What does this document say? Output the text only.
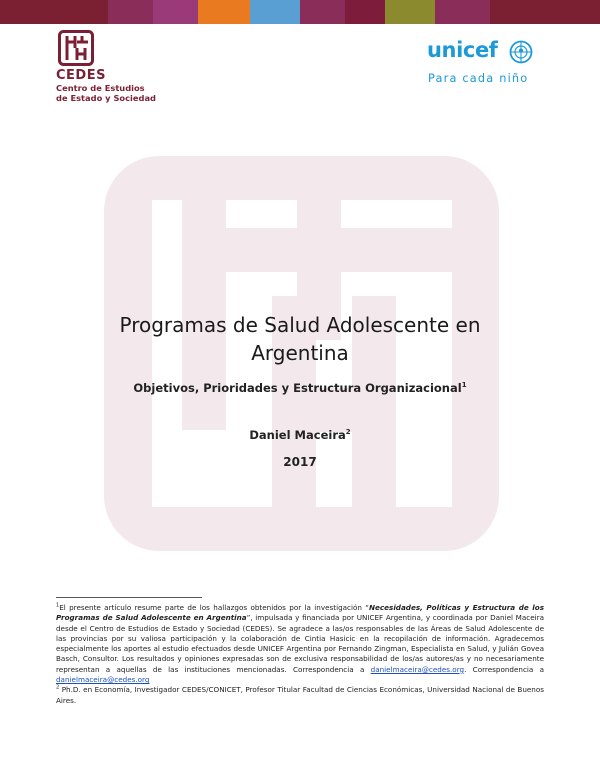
CEDES
Centro de Estudios
de Estado y Sociedad
unicef
Para cada niño
Programas de Salud Adolescente en
Argentina
Objetivos, Prioridades y Estructura Organizacional$^1$
Daniel Maceira$^2$
2017

$^1$El presente artículo resume parte de los hallazgos obtenidos por la investigación “Necesidades, Políticas y Estructura de los Programas de Salud Adolescente en Argentina”, impulsada y financiada por UNICEF Argentina, y coordinada por Daniel Maceira desde el Centro de Estudios de Estado y Sociedad (CEDES). Se agradece a las/os responsables de las Áreas de Salud Adolescente de las provincias por su valiosa participación y la colaboración de Cintia Hasicic en la recopilación de información. Agradecemos especialmente los aportes al estudio efectuados desde UNICEF Argentina por Fernando Zingman, Especialista en Salud, y Julián Govea Basch, Consultor. Los resultados y opiniones expresadas son de exclusiva responsabilidad de los/as autores/as y no necesariamente representan a aquellas de las instituciones mencionadas. Correspondencia a danielmaceira@cedes.org. Correspondencia a danielmaceira@cedes.org

$^2$ Ph.D. en Economía, Investigador CEDES/CONICET, Profesor Titular Facultad de Ciencias Económicas, Universidad Nacional de Buenos Aires.
